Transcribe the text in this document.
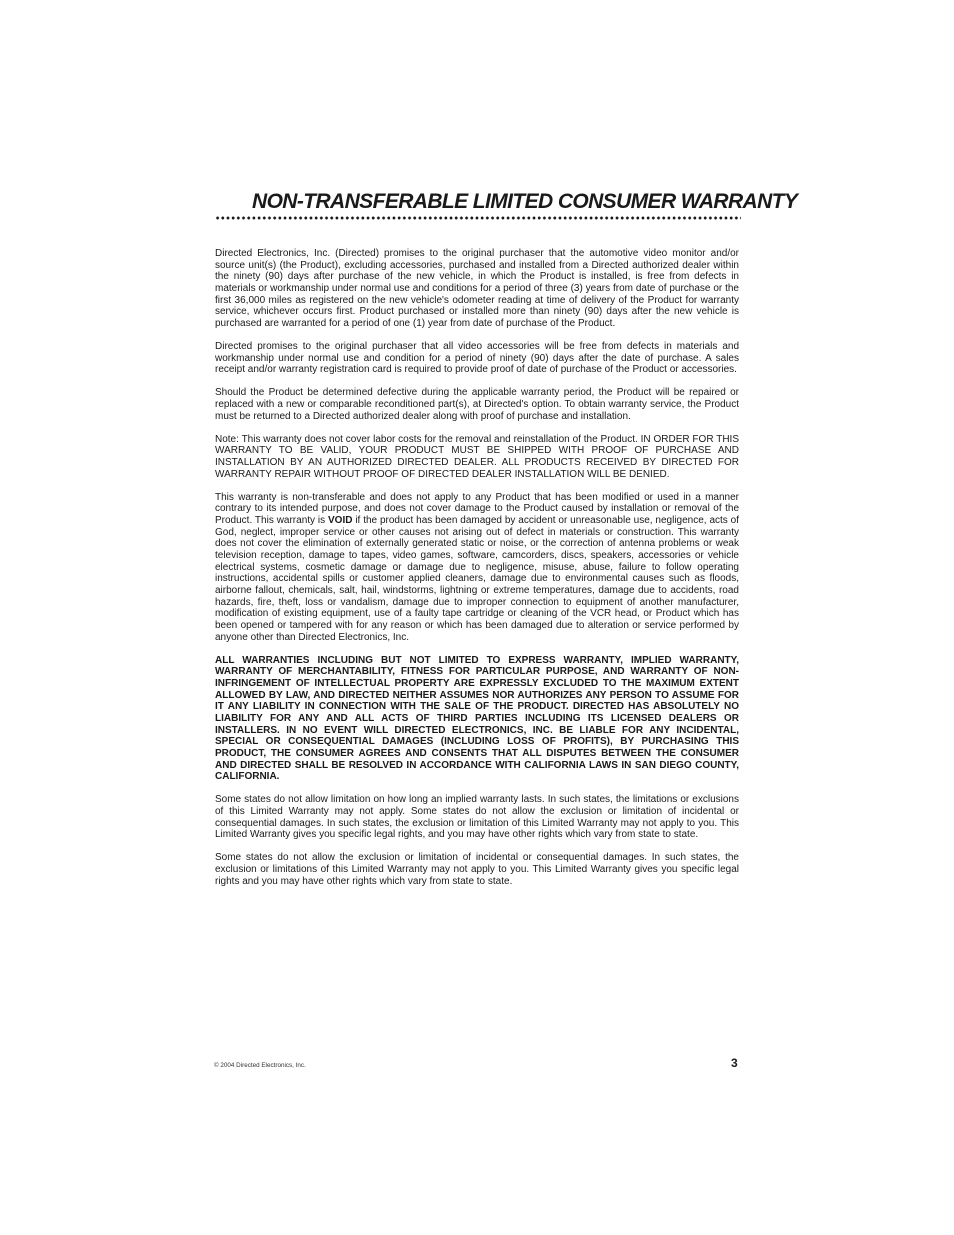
NON-TRANSFERABLE LIMITED CONSUMER WARRANTY

Directed Electronics, Inc. (Directed) promises to the original purchaser that the automotive video monitor and/or source unit(s) (the Product), excluding accessories, purchased and installed from a Directed authorized dealer within the ninety (90) days after purchase of the new vehicle, in which the Product is installed, is free from defects in materials or workmanship under normal use and conditions for a period of three (3) years from date of purchase or the first 36,000 miles as registered on the new vehicle's odometer reading at time of delivery of the Product for warranty service, whichever occurs first. Product purchased or installed more than ninety (90) days after the new vehicle is purchased are warranted for a period of one (1) year from date of purchase of the Product.

Directed promises to the original purchaser that all video accessories will be free from defects in materials and workmanship under normal use and condition for a period of ninety (90) days after the date of purchase. A sales receipt and/or warranty registration card is required to provide proof of date of purchase of the Product or accessories.

Should the Product be determined defective during the applicable warranty period, the Product will be repaired or replaced with a new or comparable reconditioned part(s), at Directed's option. To obtain warranty service, the Product must be returned to a Directed authorized dealer along with proof of purchase and installation.

Note: This warranty does not cover labor costs for the removal and reinstallation of the Product. IN ORDER FOR THIS WARRANTY TO BE VALID, YOUR PRODUCT MUST BE SHIPPED WITH PROOF OF PURCHASE AND INSTALLATION BY AN AUTHORIZED DIRECTED DEALER. ALL PRODUCTS RECEIVED BY DIRECTED FOR WARRANTY REPAIR WITHOUT PROOF OF DIRECTED DEALER INSTALLATION WILL BE DENIED.

This warranty is non-transferable and does not apply to any Product that has been modified or used in a manner contrary to its intended purpose, and does not cover damage to the Product caused by installation or removal of the Product. This warranty is VOID if the product has been damaged by accident or unreasonable use, negligence, acts of God, neglect, improper service or other causes not arising out of defect in materials or construction. This warranty does not cover the elimination of externally generated static or noise, or the correction of antenna problems or weak television reception, damage to tapes, video games, software, camcorders, discs, speakers, accessories or vehicle electrical systems, cosmetic damage or damage due to negligence, misuse, abuse, failure to follow operating instructions, accidental spills or customer applied cleaners, damage due to environmental causes such as floods, airborne fallout, chemicals, salt, hail, windstorms, lightning or extreme temperatures, damage due to accidents, road hazards, fire, theft, loss or vandalism, damage due to improper connection to equipment of another manufacturer, modification of existing equipment, use of a faulty tape cartridge or cleaning of the VCR head, or Product which has been opened or tampered with for any reason or which has been damaged due to alteration or service performed by anyone other than Directed Electronics, Inc.

ALL WARRANTIES INCLUDING BUT NOT LIMITED TO EXPRESS WARRANTY, IMPLIED WARRANTY, WARRANTY OF MERCHANTABILITY, FITNESS FOR PARTICULAR PURPOSE, AND WARRANTY OF NON-INFRINGEMENT OF INTELLECTUAL PROPERTY ARE EXPRESSLY EXCLUDED TO THE MAXIMUM EXTENT ALLOWED BY LAW, AND DIRECTED NEITHER ASSUMES NOR AUTHORIZES ANY PERSON TO ASSUME FOR IT ANY LIABILITY IN CONNECTION WITH THE SALE OF THE PRODUCT. DIRECTED HAS ABSOLUTELY NO LIABILITY FOR ANY AND ALL ACTS OF THIRD PARTIES INCLUDING ITS LICENSED DEALERS OR INSTALLERS. IN NO EVENT WILL DIRECTED ELECTRONICS, INC. BE LIABLE FOR ANY INCIDENTAL, SPECIAL OR CONSEQUENTIAL DAMAGES (INCLUDING LOSS OF PROFITS), BY PURCHASING THIS PRODUCT, THE CONSUMER AGREES AND CONSENTS THAT ALL DISPUTES BETWEEN THE CONSUMER AND DIRECTED SHALL BE RESOLVED IN ACCORDANCE WITH CALIFORNIA LAWS IN SAN DIEGO COUNTY, CALIFORNIA.

Some states do not allow limitation on how long an implied warranty lasts. In such states, the limitations or exclusions of this Limited Warranty may not apply. Some states do not allow the exclusion or limitation of incidental or consequential damages. In such states, the exclusion or limitation of this Limited Warranty may not apply to you. This Limited Warranty gives you specific legal rights, and you may have other rights which vary from state to state.

Some states do not allow the exclusion or limitation of incidental or consequential damages. In such states, the exclusion or limitations of this Limited Warranty may not apply to you. This Limited Warranty gives you specific legal rights and you may have other rights which vary from state to state.

© 2004 Directed Electronics, Inc.	3
